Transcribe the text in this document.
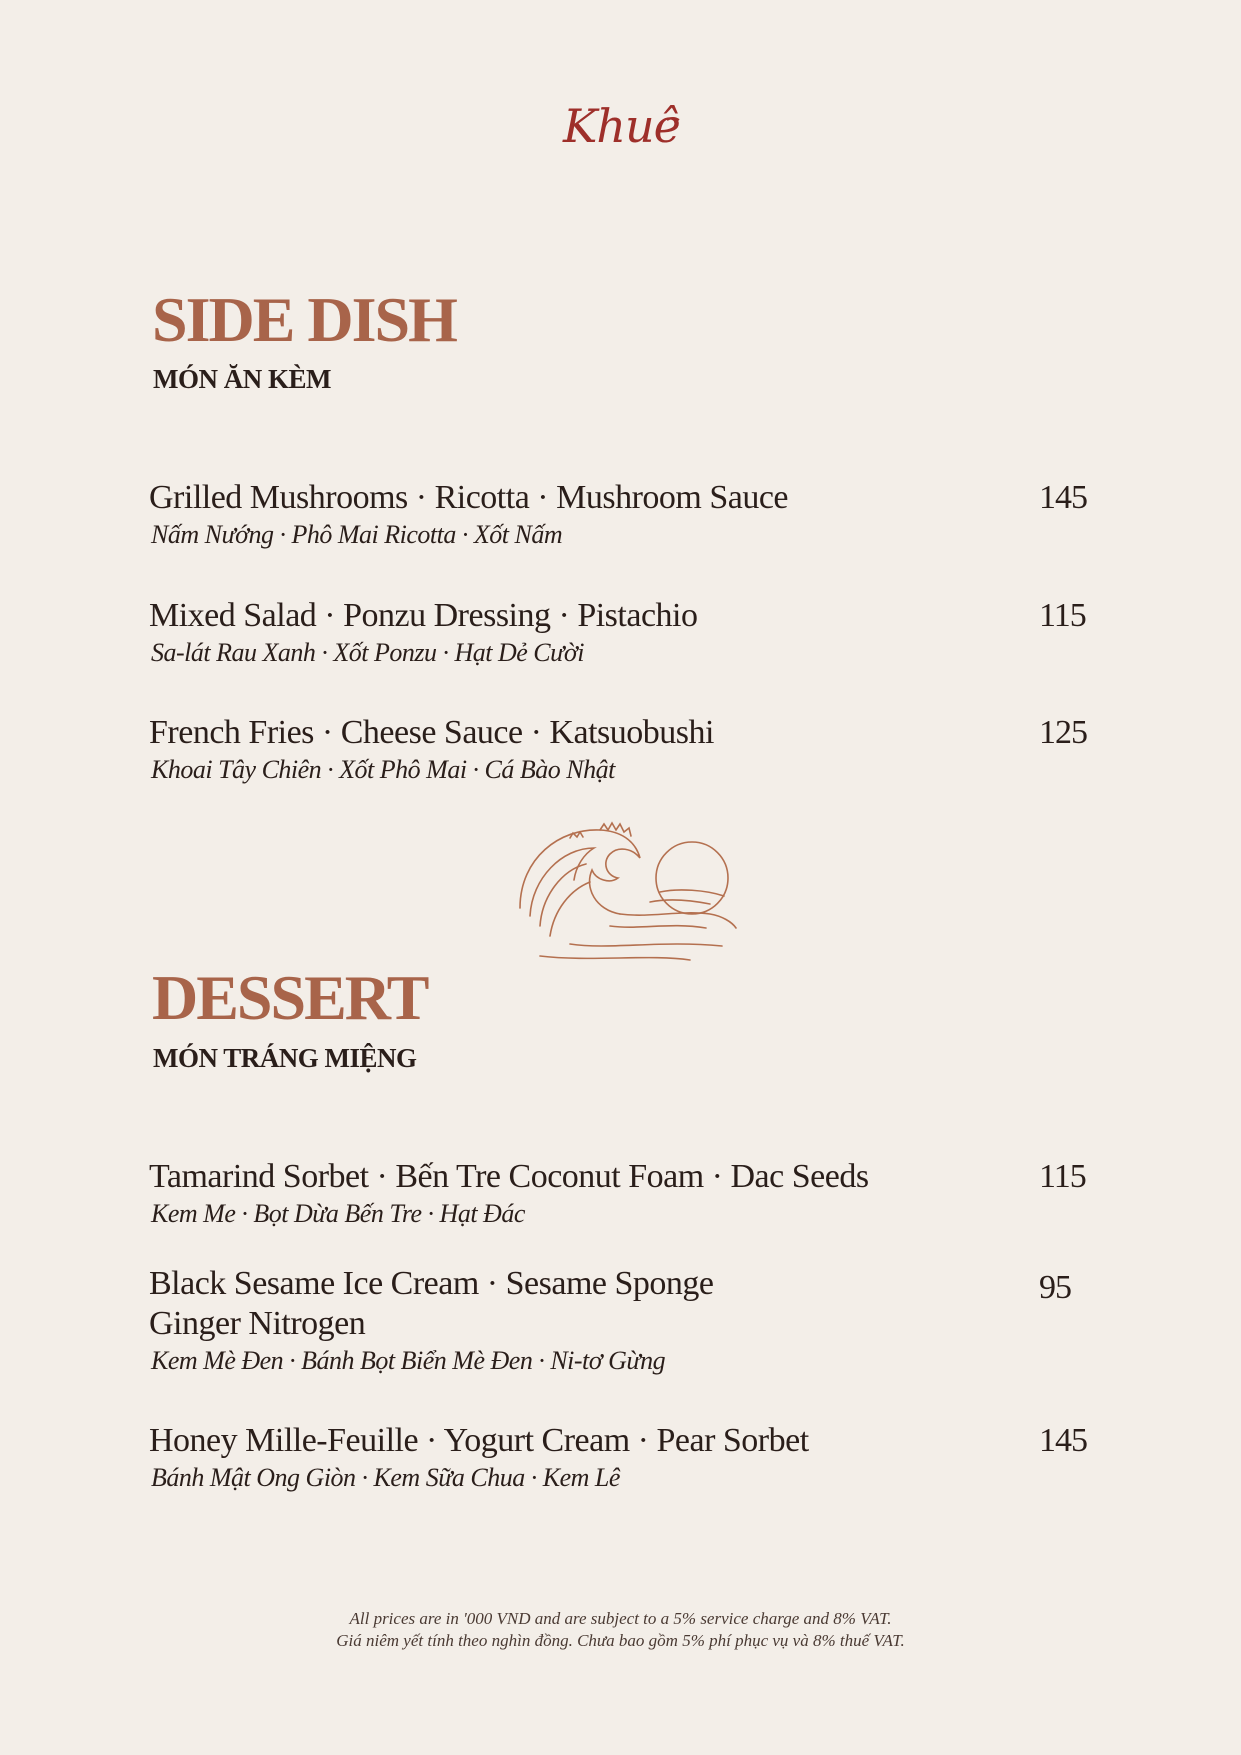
Khuê
SIDE DISH
MÓN ĂN KÈM

Grilled Mushrooms · Ricotta · Mushroom Sauce

Nấm Nướng · Phô Mai Ricotta · Xốt Nấm

145

Mixed Salad · Ponzu Dressing · Pistachio

Sa-lát Rau Xanh · Xốt Ponzu · Hạt Dẻ Cười

115

French Fries · Cheese Sauce · Katsuobushi

Khoai Tây Chiên · Xốt Phô Mai · Cá Bào Nhật

125
DESSERT
MÓN TRÁNG MIỆNG

Tamarind Sorbet · Bến Tre Coconut Foam · Dac Seeds

Kem Me · Bọt Dừa Bến Tre · Hạt Đác

115

Black Sesame Ice Cream · Sesame Sponge Ginger Nitrogen

Kem Mè Đen · Bánh Bọt Biển Mè Đen · Ni-tơ Gừng

95

Honey Mille-Feuille · Yogurt Cream · Pear Sorbet

Bánh Mật Ong Giòn · Kem Sữa Chua · Kem Lê

145
All prices are in '000 VND and are subject to a 5% service charge and 8% VAT.
Giá niêm yết tính theo nghìn đồng. Chưa bao gồm 5% phí phục vụ và 8% thuế VAT.
